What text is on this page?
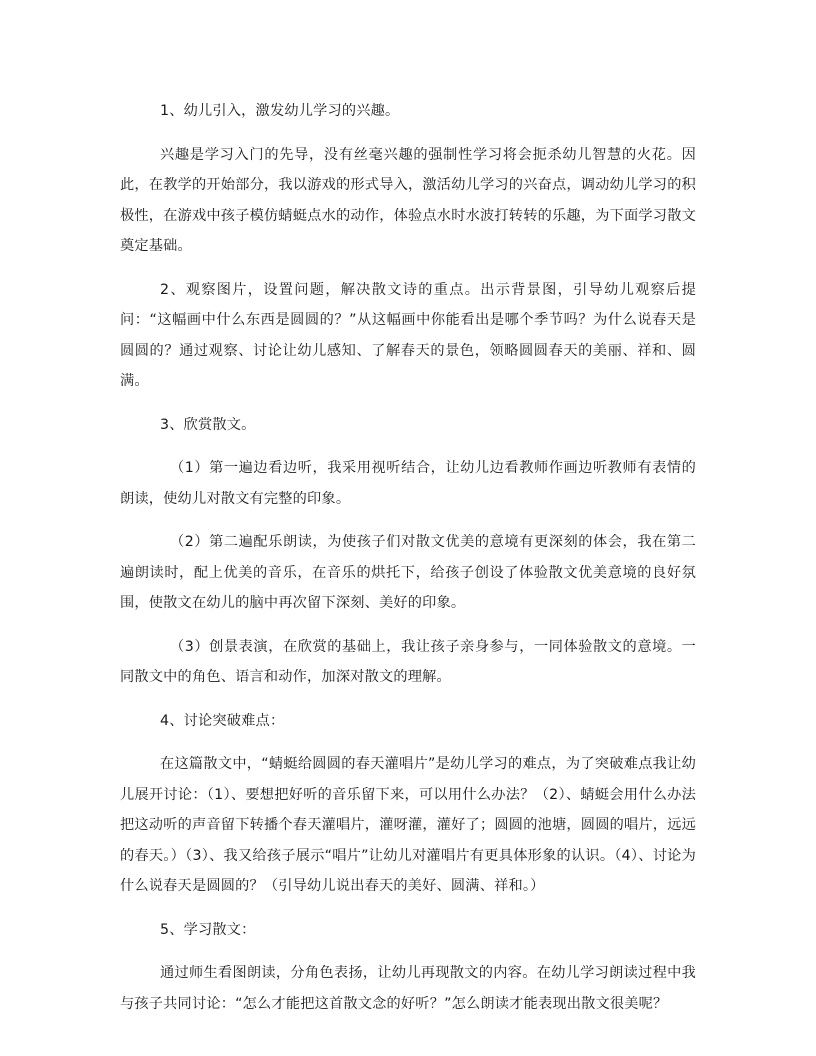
1、幼儿引入，激发幼儿学习的兴趣。

兴趣是学习入门的先导，没有丝毫兴趣的强制性学习将会扼杀幼儿智慧的火花。因此，在教学的开始部分，我以游戏的形式导入，激活幼儿学习的兴奋点，调动幼儿学习的积极性，在游戏中孩子模仿蜻蜓点水的动作，体验点水时水波打转转的乐趣，为下面学习散文奠定基础。

2、观察图片，设置问题，解决散文诗的重点。出示背景图，引导幼儿观察后提问：“这幅画中什么东西是圆圆的？”从这幅画中你能看出是哪个季节吗？为什么说春天是圆圆的？通过观察、讨论让幼儿感知、了解春天的景色，领略圆圆春天的美丽、祥和、圆满。

3、欣赏散文。

（1）第一遍边看边听，我采用视听结合，让幼儿边看教师作画边听教师有表情的朗读，使幼儿对散文有完整的印象。

（2）第二遍配乐朗读，为使孩子们对散文优美的意境有更深刻的体会，我在第二遍朗读时，配上优美的音乐，在音乐的烘托下，给孩子创设了体验散文优美意境的良好氛围，使散文在幼儿的脑中再次留下深刻、美好的印象。

（3）创景表演，在欣赏的基础上，我让孩子亲身参与，一同体验散文的意境。一同散文中的角色、语言和动作，加深对散文的理解。

4、讨论突破难点：

在这篇散文中，“蜻蜓给圆圆的春天灌唱片”是幼儿学习的难点，为了突破难点我让幼儿展开讨论：（1）、要想把好听的音乐留下来，可以用什么办法？（2）、蜻蜓会用什么办法把这动听的声音留下转播个春天灌唱片，灌呀灌，灌好了；圆圆的池塘，圆圆的唱片，远远的春天。）（3）、我又给孩子展示“唱片”让幼儿对灌唱片有更具体形象的认识。（4）、讨论为什么说春天是圆圆的？（引导幼儿说出春天的美好、圆满、祥和。）

5、学习散文：

通过师生看图朗读，分角色表扬，让幼儿再现散文的内容。在幼儿学习朗读过程中我与孩子共同讨论：“怎么才能把这首散文念的好听？”怎么朗读才能表现出散文很美呢？
